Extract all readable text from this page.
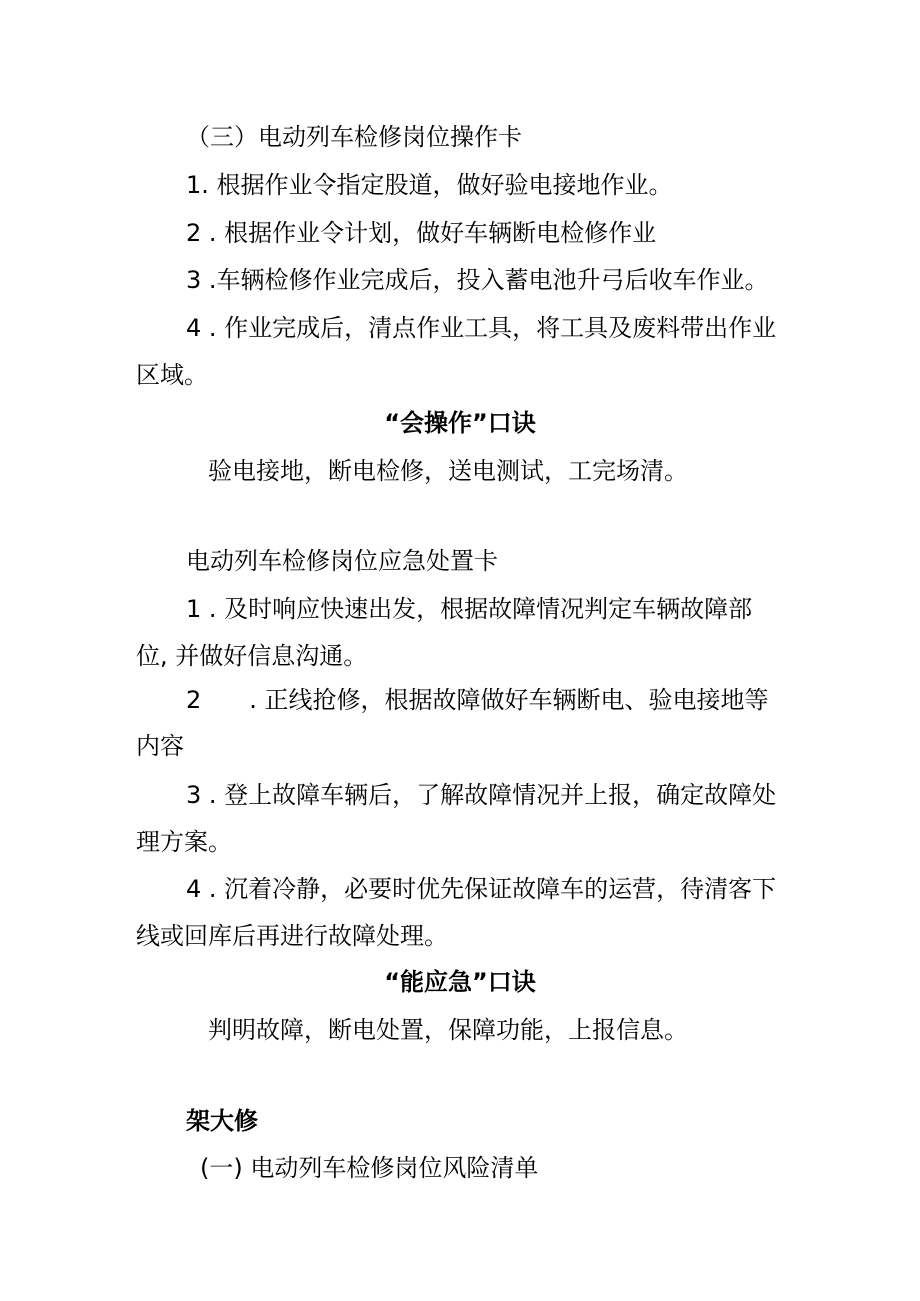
（三）电动列车检修岗位操作卡

1. 根据作业令指定股道，做好验电接地作业。

2 . 根据作业令计划，做好车辆断电检修作业

3 .车辆检修作业完成后，投入蓄电池升弓后收车作业。

4 . 作业完成后，清点作业工具，将工具及废料带出作业

区域。

“会操作”口诀

验电接地，断电检修，送电测试，工完场清。

电动列车检修岗位应急处置卡

1 . 及时响应快速出发，根据故障情况判定车辆故障部

位, 并做好信息沟通。

2　　. 正线抢修，根据故障做好车辆断电、验电接地等

内容

3 . 登上故障车辆后，了解故障情况并上报，确定故障处

理方案。

4 . 沉着冷静，必要时优先保证故障车的运营，待清客下

线或回库后再进行故障处理。

“能应急”口诀

判明故障，断电处置，保障功能，上报信息。

架大修

(一) 电动列车检修岗位风险清单
